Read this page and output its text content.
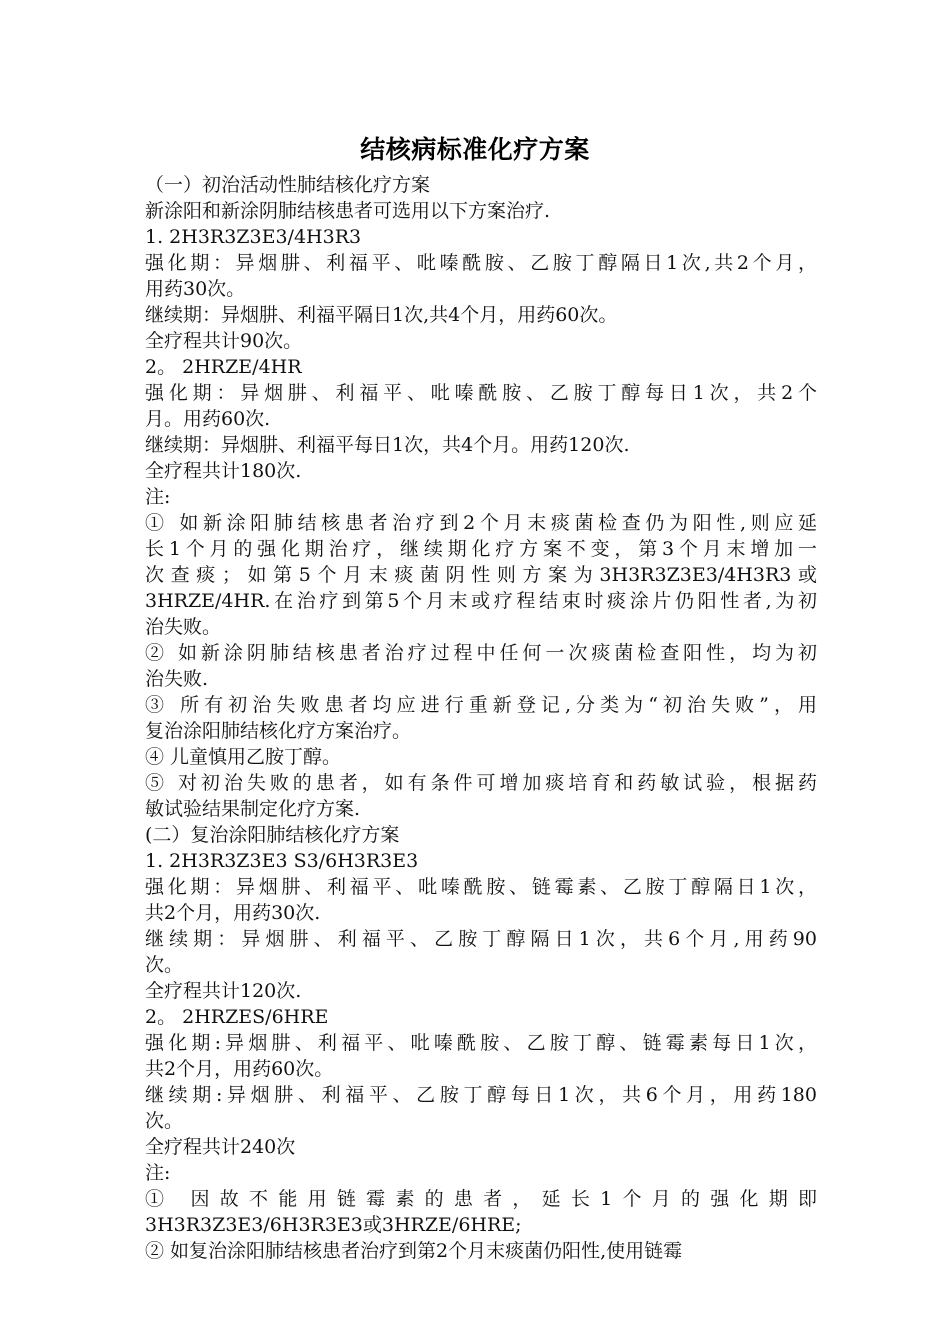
结核病标准化疗方案
（一）初治活动性肺结核化疗方案
新涂阳和新涂阴肺结核患者可选用以下方案治疗.
1. 2H3R3Z3E3/4H3R3
强化期：异烟肼、利福平、吡嗪酰胺、乙胺丁醇隔日1次,共2个月，
用药30次。
继续期：异烟肼、利福平隔日1次,共4个月，用药60次。
全疗程共计90次。
2。 2HRZE/4HR
强化期：异烟肼、利福平、吡嗪酰胺、乙胺丁醇每日1次，共2个
月。用药60次.
继续期：异烟肼、利福平每日1次，共4个月。用药120次.
全疗程共计180次.
注:
① 如新涂阳肺结核患者治疗到2个月末痰菌检查仍为阳性,则应延
长1个月的强化期治疗，继续期化疗方案不变，第3个月末增加一
次查痰；如第5个月末痰菌阴性则方案为3H3R3Z3E3/4H3R3或
3HRZE/4HR.在治疗到第5个月末或疗程结束时痰涂片仍阳性者,为初
治失败。
② 如新涂阴肺结核患者治疗过程中任何一次痰菌检查阳性，均为初
治失败.
③ 所有初治失败患者均应进行重新登记,分类为“初治失败”，用
复治涂阳肺结核化疗方案治疗。
④ 儿童慎用乙胺丁醇。
⑤ 对初治失败的患者，如有条件可增加痰培育和药敏试验，根据药
敏试验结果制定化疗方案.
(二）复治涂阳肺结核化疗方案
1. 2H3R3Z3E3 S3/6H3R3E3
强化期：异烟肼、利福平、吡嗪酰胺、链霉素、乙胺丁醇隔日1次，
共2个月，用药30次.
继续期：异烟肼、利福平、乙胺丁醇隔日1次，共6个月,用药90
次。
全疗程共计120次.
2。 2HRZES/6HRE
强化期:异烟肼、利福平、吡嗪酰胺、乙胺丁醇、链霉素每日1次，
共2个月，用药60次。
继续期:异烟肼、利福平、乙胺丁醇每日1次，共6个月，用药180
次。
全疗程共计240次
注:
① 因故不能用链霉素的患者，延长1个月的强化期即
3H3R3Z3E3/6H3R3E3或3HRZE/6HRE;
② 如复治涂阳肺结核患者治疗到第2个月末痰菌仍阳性,使用链霉
